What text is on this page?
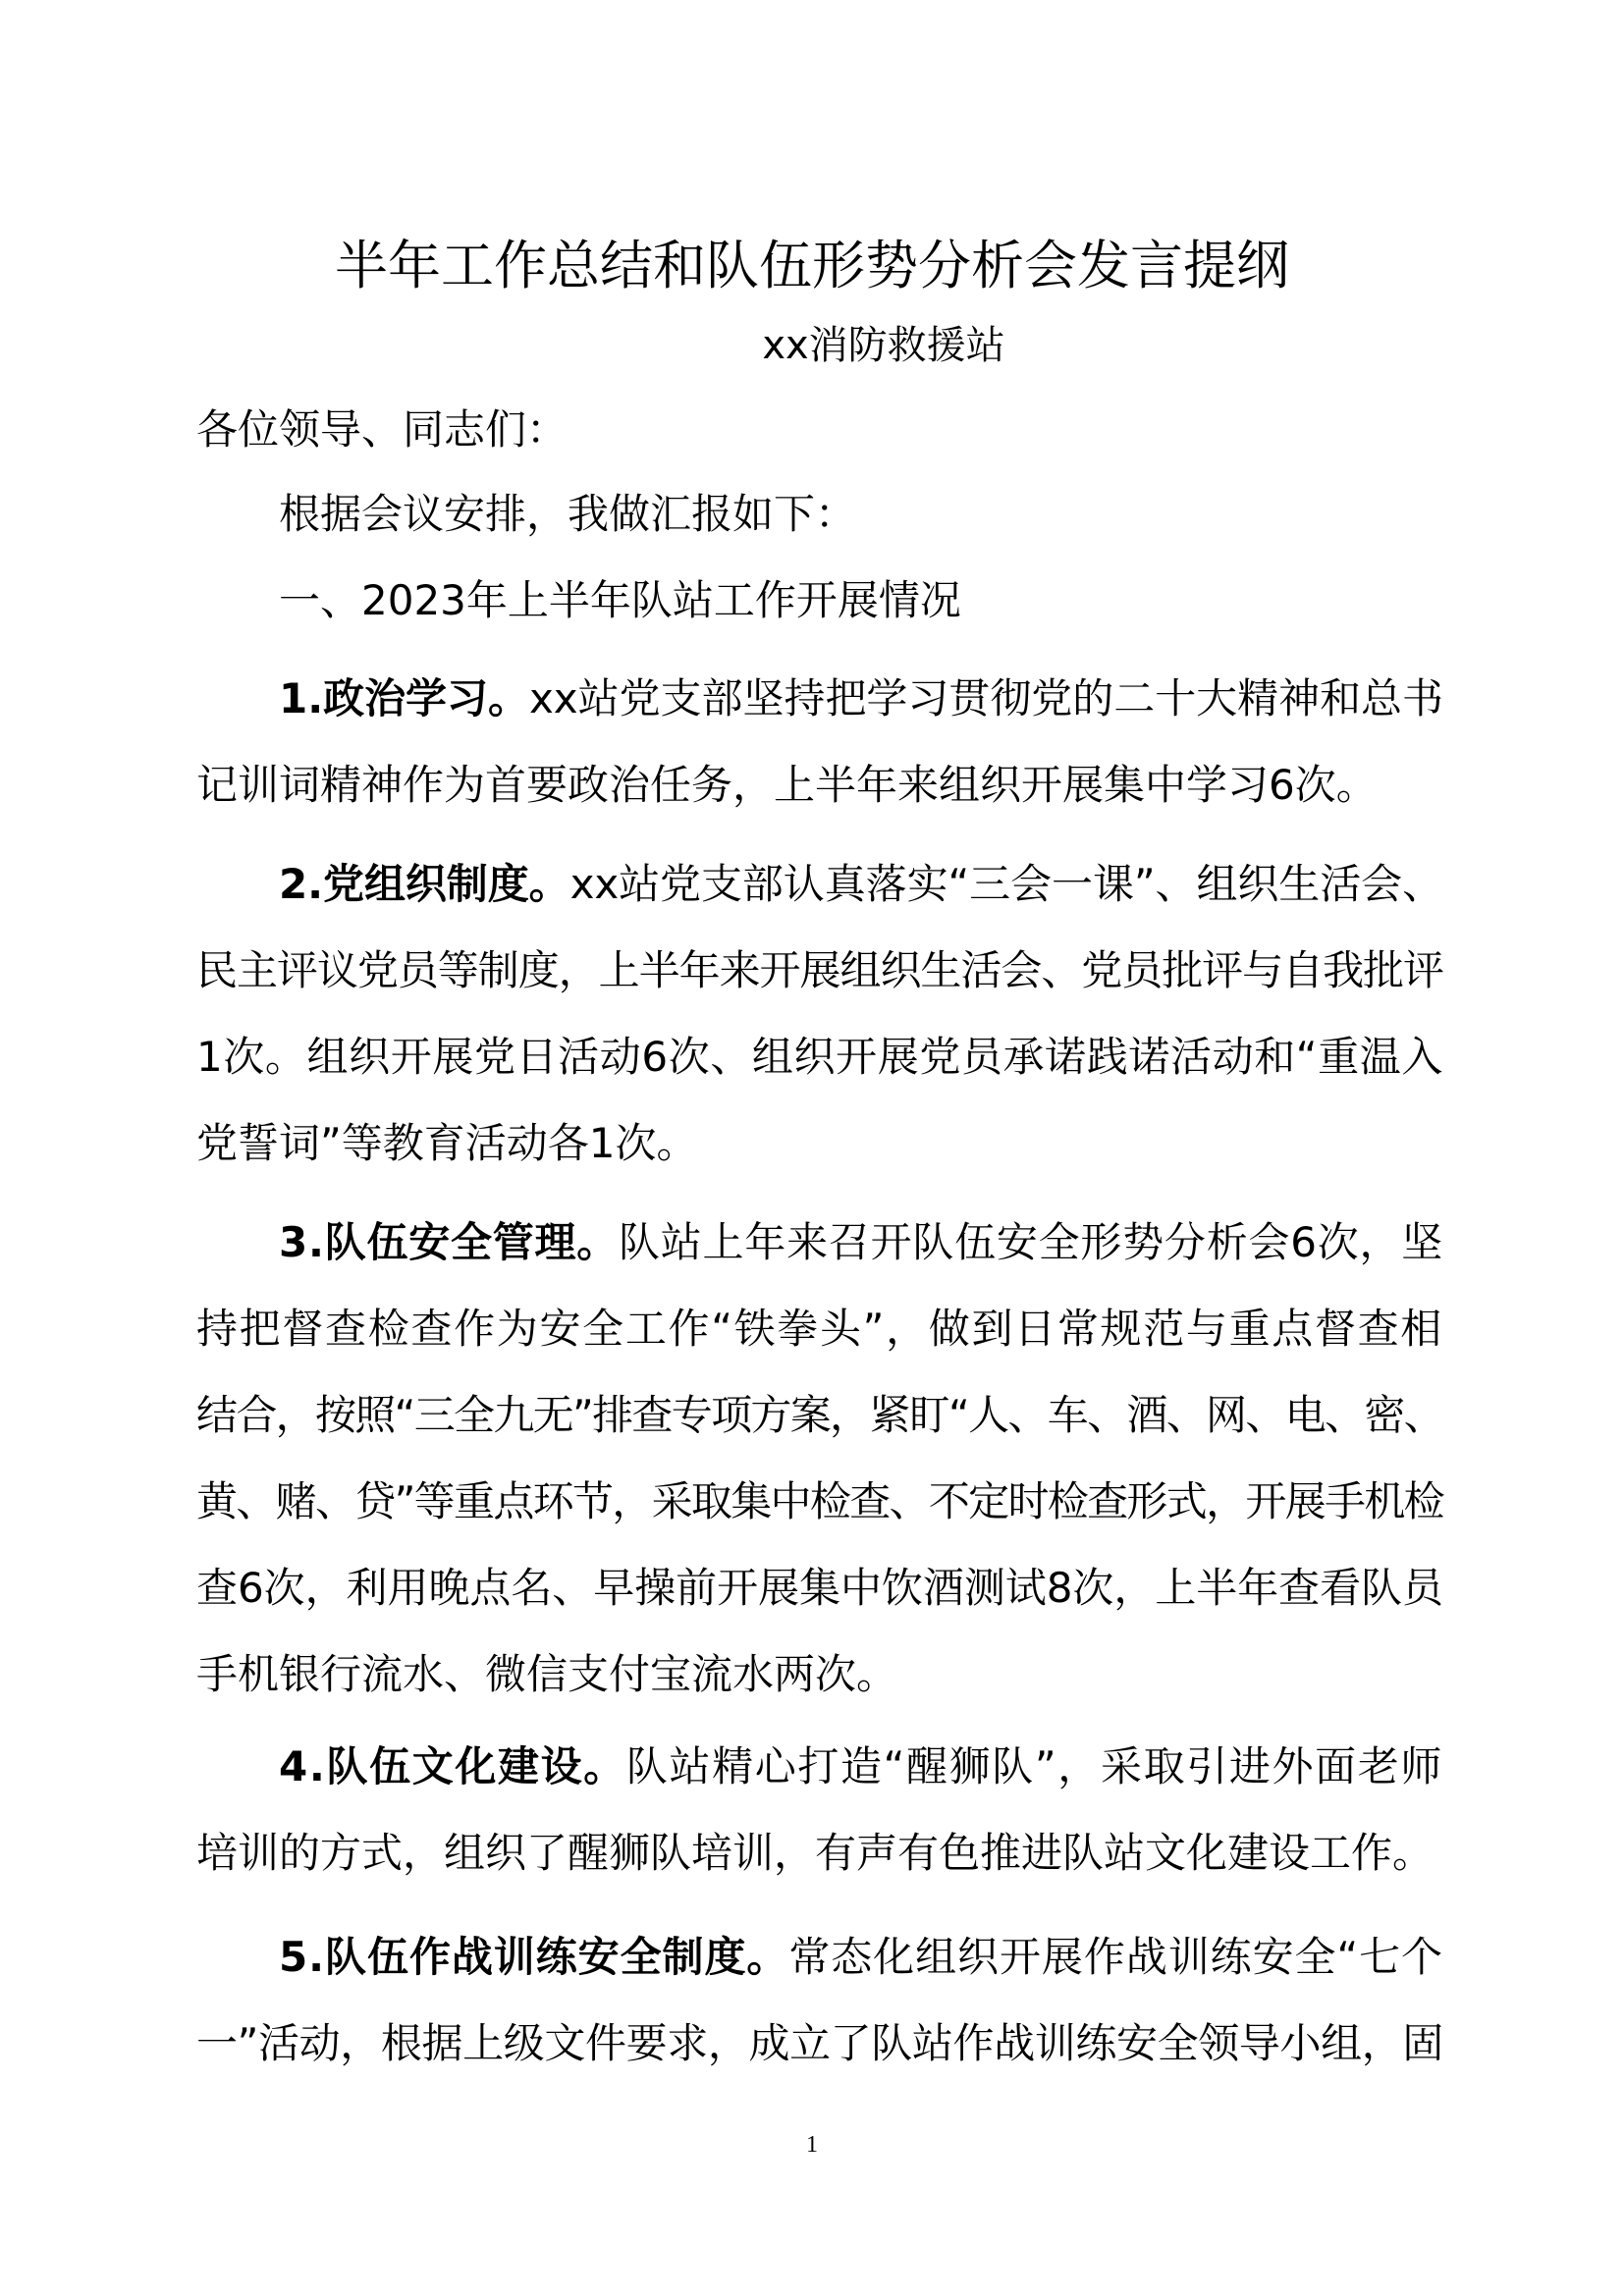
半年工作总结和队伍形势分析会发言提纲
xx消防救援站
各位领导、同志们：
根据会议安排，我做汇报如下：
一、2023年上半年队站工作开展情况
1.政治学习。xx站党支部坚持把学习贯彻党的二十大精神和总书
记训词精神作为首要政治任务，上半年来组织开展集中学习6次。
2.党组织制度。xx站党支部认真落实“三会一课”、组织生活会、
民主评议党员等制度，上半年来开展组织生活会、党员批评与自我批评
1次。组织开展党日活动6次、组织开展党员承诺践诺活动和“重温入
党誓词”等教育活动各1次。
3.队伍安全管理。队站上年来召开队伍安全形势分析会6次，坚
持把督查检查作为安全工作“铁拳头”，做到日常规范与重点督查相
结合，按照“三全九无”排查专项方案，紧盯“人、车、酒、网、电、密、
黄、赌、贷”等重点环节，采取集中检查、不定时检查形式，开展手机检
查6次，利用晚点名、早操前开展集中饮酒测试8次，上半年查看队员
手机银行流水、微信支付宝流水两次。
4.队伍文化建设。队站精心打造“醒狮队”，采取引进外面老师
培训的方式，组织了醒狮队培训，有声有色推进队站文化建设工作。
5.队伍作战训练安全制度。常态化组织开展作战训练安全“七个
一”活动，根据上级文件要求，成立了队站作战训练安全领导小组，固
1
